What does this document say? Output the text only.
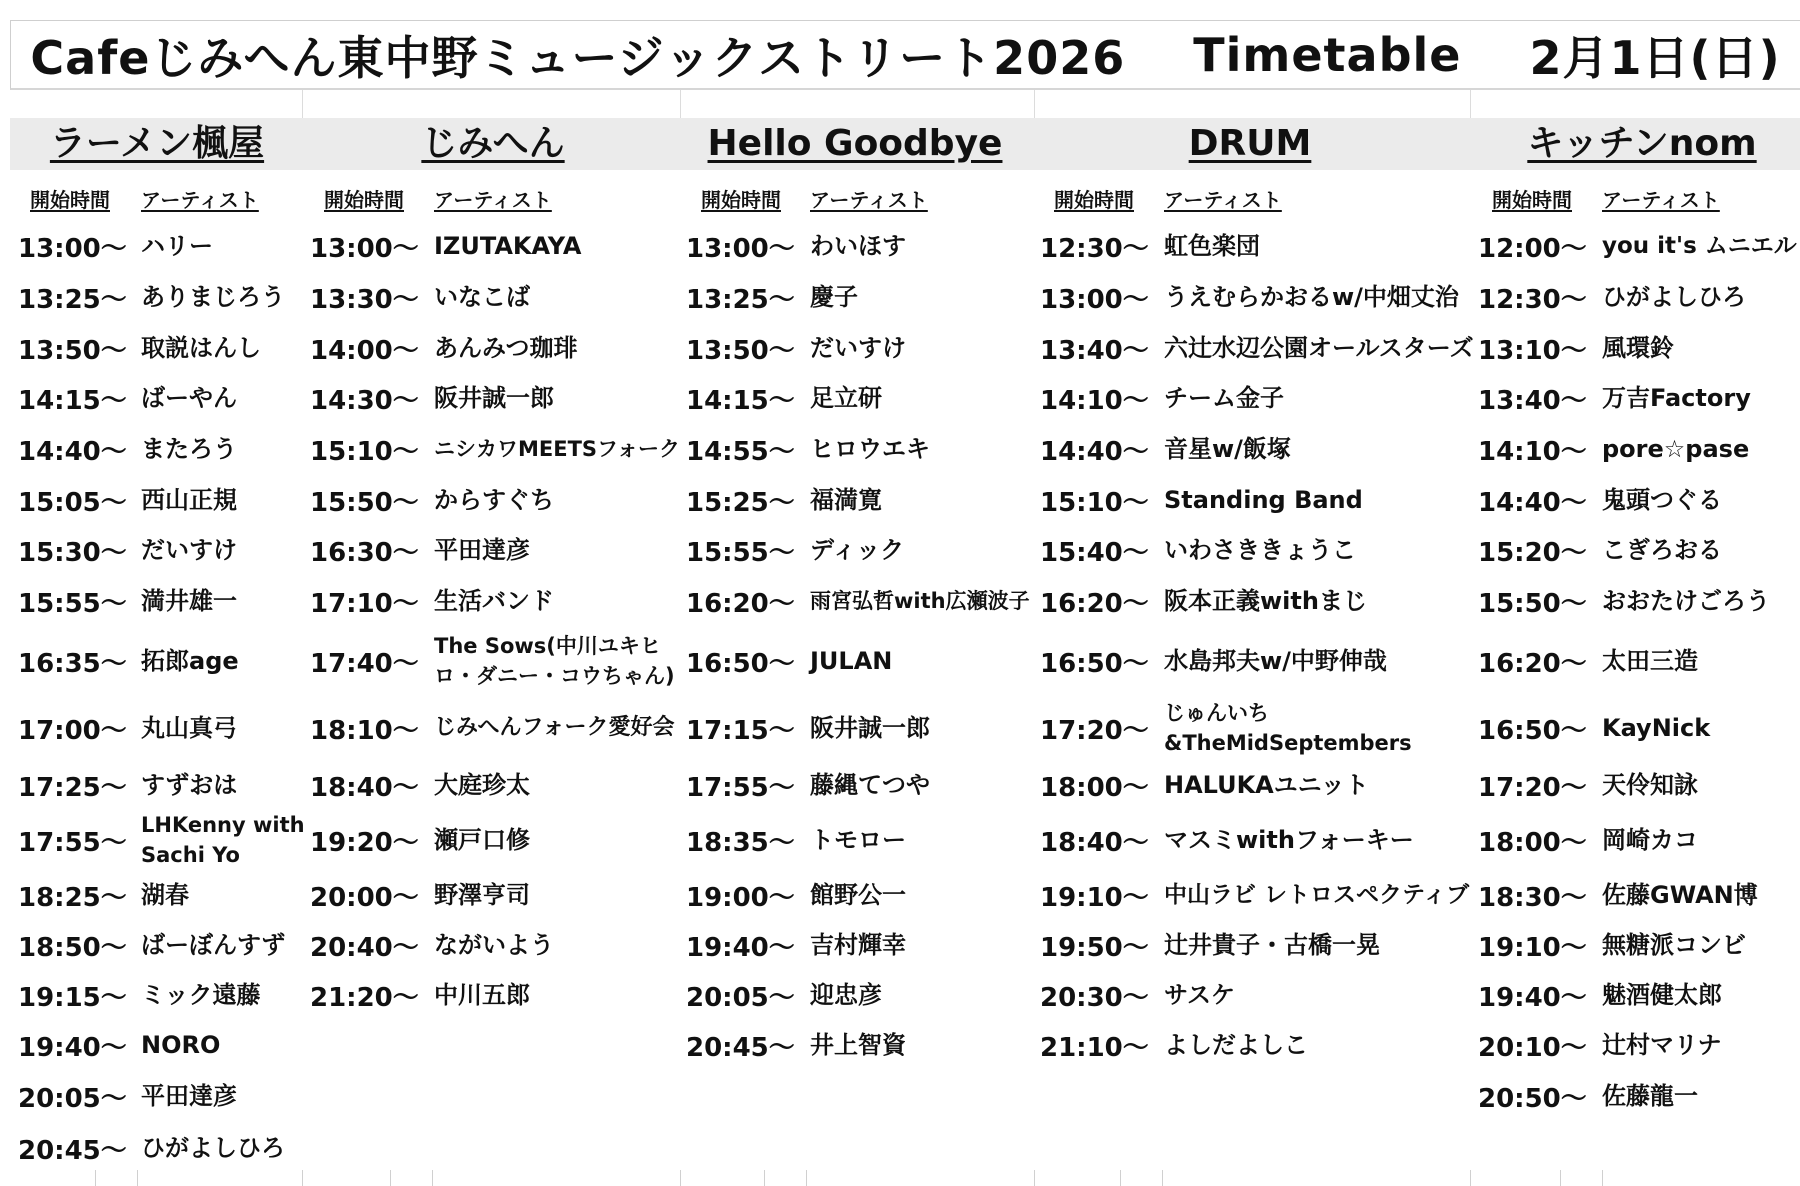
Cafeじみへん東中野ミュージックストリート2026
Timetable
2月1日(日)
ラーメン楓屋
開始時間 アーティスト
13:00～ ハリー
13:25～ ありまじろう
13:50～ 取説はんし
14:15～ ばーやん
14:40～ またろう
15:05～ 西山正規
15:30～ だいすけ
15:55～ 満井雄一
16:35～ 拓郎age
17:00～ 丸山真弓
17:25～ すずおは
17:55～
LHKenny with Sachi Yo
18:25～ 湖春
18:50～ ばーぼんすず
19:15～ ミック遠藤
19:40～ NORO
20:05～ 平田達彦
20:45～ ひがよしひろ
じみへん
開始時間 アーティスト
13:00～ IZUTAKAYA
13:30～ いなこば
14:00～ あんみつ珈琲
14:30～ 阪井誠一郎
15:10～ ニシカワMEETSフォーク
15:50～ からすぐち
16:30～ 平田達彦
17:10～ 生活バンド
17:40～
The Sows(中川ユキヒロ・ダニー・コウちゃん)
18:10～ じみへんフォーク愛好会
18:40～ 大庭珍太
19:20～ 瀬戸口修
20:00～ 野澤亨司
20:40～ ながいよう
21:20～ 中川五郎
Hello Goodbye
開始時間 アーティスト
13:00～ わいほす
13:25～ 慶子
13:50～ だいすけ
14:15～ 足立研
14:55～ ヒロウエキ
15:25～ 福満寛
15:55～ ディック
16:20～ 雨宮弘哲with広瀬波子
16:50～ JULAN
17:15～ 阪井誠一郎
17:55～ 藤縄てつや
18:35～ トモロー
19:00～ 館野公一
19:40～ 吉村輝幸
20:05～ 迎忠彦
20:45～ 井上智資
DRUM
開始時間 アーティスト
12:30～ 虹色楽団
13:00～ うえむらかおるw/中畑丈治
13:40～ 六辻水辺公園オールスターズ
14:10～ チーム金子
14:40～ 音星w/飯塚
15:10～ Standing Band
15:40～ いわさききょうこ
16:20～ 阪本正義withまじ
16:50～ 水島邦夫w/中野伸哉
17:20～
じゅんいち &TheMidSeptembers
18:00～ HALUKAユニット
18:40～ マスミwithフォーキー
19:10～ 中山ラビ レトロスペクティブ
19:50～ 辻井貴子・古橋一晃
20:30～ サスケ
21:10～ よしだよしこ
キッチンnom
開始時間 アーティスト
12:00～ you it's ムニエル
12:30～ ひがよしひろ
13:10～ 風環鈴
13:40～ 万吉Factory
14:10～ pore☆pase
14:40～ 鬼頭つぐる
15:20～ こぎろおる
15:50～ おおたけごろう
16:20～ 太田三造
16:50～ KayNick
17:20～ 天伶知詠
18:00～ 岡崎カコ
18:30～ 佐藤GWAN博
19:10～ 無糖派コンビ
19:40～ 魅酒健太郎
20:10～ 辻村マリナ
20:50～ 佐藤龍一
